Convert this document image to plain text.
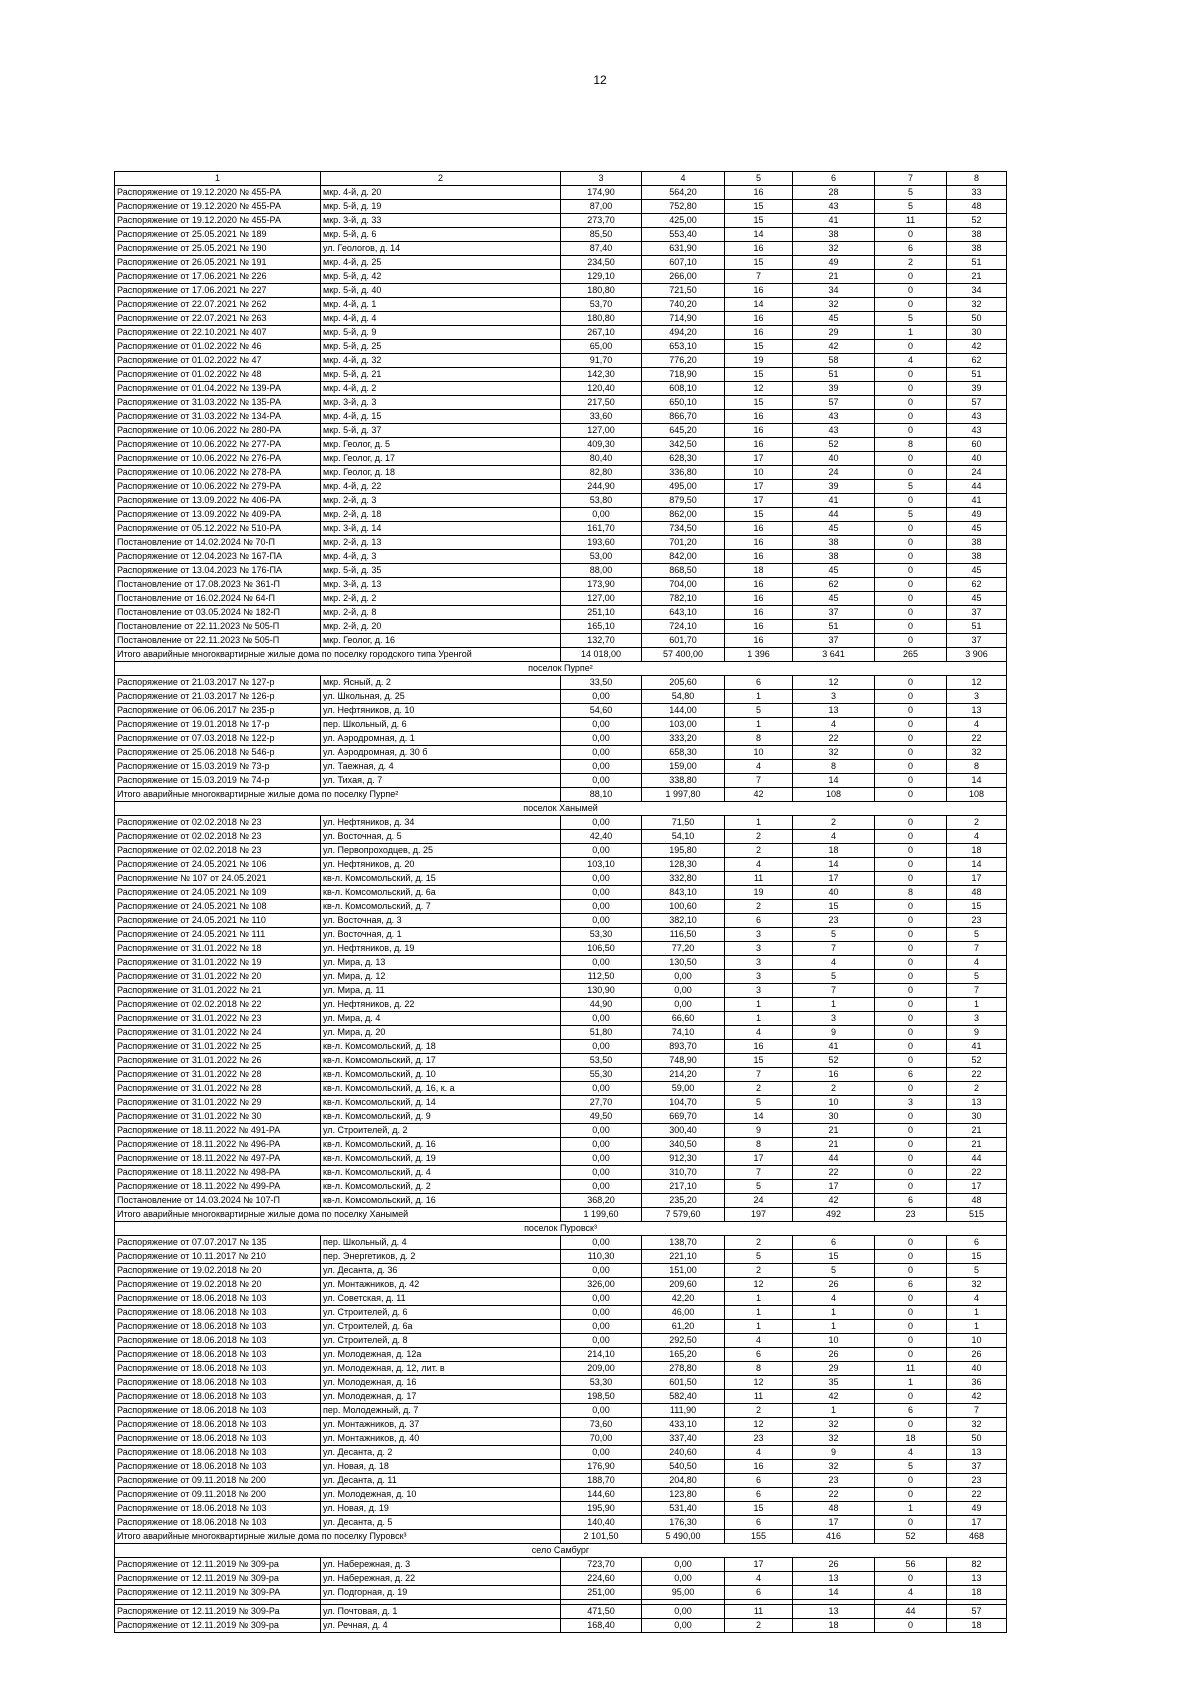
12
1	2	3	4	5	6	7	8
Распоряжение от 19.12.2020 № 455-РА	мкр. 4-й, д. 20	174,90	564,20	16	28	5	33
Распоряжение от 19.12.2020 № 455-РА	мкр. 5-й, д. 19	87,00	752,80	15	43	5	48
Распоряжение от 19.12.2020 № 455-РА	мкр. 3-й, д. 33	273,70	425,00	15	41	11	52
Распоряжение от 25.05.2021 № 189	мкр. 5-й, д. 6	85,50	553,40	14	38	0	38
Распоряжение от 25.05.2021 № 190	ул. Геологов, д. 14	87,40	631,90	16	32	6	38
Распоряжение от 26.05.2021 № 191	мкр. 4-й, д. 25	234,50	607,10	15	49	2	51
Распоряжение от 17.06.2021 № 226	мкр. 5-й, д. 42	129,10	266,00	7	21	0	21
Распоряжение от 17.06.2021 № 227	мкр. 5-й, д. 40	180,80	721,50	16	34	0	34
Распоряжение от 22.07.2021 № 262	мкр. 4-й, д. 1	53,70	740,20	14	32	0	32
Распоряжение от 22.07.2021 № 263	мкр. 4-й, д. 4	180,80	714,90	16	45	5	50
Распоряжение от 22.10.2021 № 407	мкр. 5-й, д. 9	267,10	494,20	16	29	1	30
Распоряжение от 01.02.2022 № 46	мкр. 5-й, д. 25	65,00	653,10	15	42	0	42
Распоряжение от 01.02.2022 № 47	мкр. 4-й, д. 32	91,70	776,20	19	58	4	62
Распоряжение от 01.02.2022 № 48	мкр. 5-й, д. 21	142,30	718,90	15	51	0	51
Распоряжение от 01.04.2022 № 139-РА	мкр. 4-й, д. 2	120,40	608,10	12	39	0	39
Распоряжение от 31.03.2022 № 135-РА	мкр. 3-й, д. 3	217,50	650,10	15	57	0	57
Распоряжение от 31.03.2022 № 134-РА	мкр. 4-й, д. 15	33,60	866,70	16	43	0	43
Распоряжение от 10.06.2022 № 280-РА	мкр. 5-й, д. 37	127,00	645,20	16	43	0	43
Распоряжение от 10.06.2022 № 277-РА	мкр. Геолог, д. 5	409,30	342,50	16	52	8	60
Распоряжение от 10.06.2022 № 276-РА	мкр. Геолог, д. 17	80,40	628,30	17	40	0	40
Распоряжение от 10.06.2022 № 278-РА	мкр. Геолог, д. 18	82,80	336,80	10	24	0	24
Распоряжение от 10.06.2022 № 279-РА	мкр. 4-й, д. 22	244,90	495,00	17	39	5	44
Распоряжение от 13.09.2022 № 406-РА	мкр. 2-й, д. 3	53,80	879,50	17	41	0	41
Распоряжение от 13.09.2022 № 409-РА	мкр. 2-й, д. 18	0,00	862,00	15	44	5	49
Распоряжение от 05.12.2022 № 510-РА	мкр. 3-й, д. 14	161,70	734,50	16	45	0	45
Постановление от 14.02.2024 № 70-П	мкр. 2-й, д. 13	193,60	701,20	16	38	0	38
Распоряжение от 12.04.2023 № 167-ПА	мкр. 4-й, д. 3	53,00	842,00	16	38	0	38
Распоряжение от 13.04.2023 № 176-ПА	мкр. 5-й, д. 35	88,00	868,50	18	45	0	45
Постановление от 17.08.2023 № 361-П	мкр. 3-й, д. 13	173,90	704,00	16	62	0	62
Постановление от 16.02.2024 № 64-П	мкр. 2-й, д. 2	127,00	782,10	16	45	0	45
Постановление от 03.05.2024 № 182-П	мкр. 2-й, д. 8	251,10	643,10	16	37	0	37
Постановление от 22.11.2023 № 505-П	мкр. 2-й, д. 20	165,10	724,10	16	51	0	51
Постановление от 22.11.2023 № 505-П	мкр. Геолог, д. 16	132,70	601,70	16	37	0	37
Итого аварийные многоквартирные жилые дома по поселку городского типа Уренгой		14 018,00	57 400,00	1 396	3 641	265	3 906
поселок Пурпе²							
Распоряжение от 21.03.2017 № 127-р	мкр. Ясный, д. 2	33,50	205,60	6	12	0	12
Распоряжение от 21.03.2017 № 126-р	ул. Школьная, д. 25	0,00	54,80	1	3	0	3
Распоряжение от 06.06.2017 № 235-р	ул. Нефтяников, д. 10	54,60	144,00	5	13	0	13
Распоряжение от 19.01.2018 № 17-р	пер. Школьный, д. 6	0,00	103,00	1	4	0	4
Распоряжение от 07.03.2018 № 122-р	ул. Аэродромная, д. 1	0,00	333,20	8	22	0	22
Распоряжение от 25.06.2018 № 546-р	ул. Аэродромная, д. 30 б	0,00	658,30	10	32	0	32
Распоряжение от 15.03.2019 № 73-р	ул. Таежная, д. 4	0,00	159,00	4	8	0	8
Распоряжение от 15.03.2019 № 74-р	ул. Тихая, д. 7	0,00	338,80	7	14	0	14
Итого аварийные многоквартирные жилые дома по поселку Пурпе²		88,10	1 997,80	42	108	0	108
поселок Ханымей							
Распоряжение от 02.02.2018 № 23	ул. Нефтяников, д. 34	0,00	71,50	1	2	0	2
Распоряжение от 02.02.2018 № 23	ул. Восточная, д. 5	42,40	54,10	2	4	0	4
Распоряжение от 02.02.2018 № 23	ул. Первопроходцев, д. 25	0,00	195,80	2	18	0	18
Распоряжение от 24.05.2021 № 106	ул. Нефтяников, д. 20	103,10	128,30	4	14	0	14
Распоряжение № 107 от 24.05.2021	кв-л. Комсомольский, д. 15	0,00	332,80	11	17	0	17
Распоряжение от 24.05.2021 № 109	кв-л. Комсомольский, д. 6а	0,00	843,10	19	40	8	48
Распоряжение от 24.05.2021 № 108	кв-л. Комсомольский, д. 7	0,00	100,60	2	15	0	15
Распоряжение от 24.05.2021 № 110	ул. Восточная, д. 3	0,00	382,10	6	23	0	23
Распоряжение от 24.05.2021 № 111	ул. Восточная, д. 1	53,30	116,50	3	5	0	5
Распоряжение от 31.01.2022 № 18	ул. Нефтяников, д. 19	106,50	77,20	3	7	0	7
Распоряжение от 31.01.2022 № 19	ул. Мира, д. 13	0,00	130,50	3	4	0	4
Распоряжение от 31.01.2022 № 20	ул. Мира, д. 12	112,50	0,00	3	5	0	5
Распоряжение от 31.01.2022 № 21	ул. Мира, д. 11	130,90	0,00	3	7	0	7
Распоряжение от 02.02.2018 № 22	ул. Нефтяников, д. 22	44,90	0,00	1	1	0	1
Распоряжение от 31.01.2022 № 23	ул. Мира, д. 4	0,00	66,60	1	3	0	3
Распоряжение от 31.01.2022 № 24	ул. Мира, д. 20	51,80	74,10	4	9	0	9
Распоряжение от 31.01.2022 № 25	кв-л. Комсомольский, д. 18	0,00	893,70	16	41	0	41
Распоряжение от 31.01.2022 № 26	кв-л. Комсомольский, д. 17	53,50	748,90	15	52	0	52
Распоряжение от 31.01.2022 № 28	кв-л. Комсомольский, д. 10	55,30	214,20	7	16	6	22
Распоряжение от 31.01.2022 № 28	кв-л. Комсомольский, д. 16, к. а	0,00	59,00	2	2	0	2
Распоряжение от 31.01.2022 № 29	кв-л. Комсомольский, д. 14	27,70	104,70	5	10	3	13
Распоряжение от 31.01.2022 № 30	кв-л. Комсомольский, д. 9	49,50	669,70	14	30	0	30
Распоряжение от 18.11.2022 № 491-РА	ул. Строителей, д. 2	0,00	300,40	9	21	0	21
Распоряжение от 18.11.2022 № 496-РА	кв-л. Комсомольский, д. 16	0,00	340,50	8	21	0	21
Распоряжение от 18.11.2022 № 497-РА	кв-л. Комсомольский, д. 19	0,00	912,30	17	44	0	44
Распоряжение от 18.11.2022 № 498-РА	кв-л. Комсомольский, д. 4	0,00	310,70	7	22	0	22
Распоряжение от 18.11.2022 № 499-РА	кв-л. Комсомольский, д. 2	0,00	217,10	5	17	0	17
Постановление от 14.03.2024 № 107-П	кв-л. Комсомольский, д. 16	368,20	235,20	24	42	6	48
Итого аварийные многоквартирные жилые дома по поселку Ханымей		1 199,60	7 579,60	197	492	23	515
поселок Пуровск³							
Распоряжение от 07.07.2017 № 135	пер. Школьный, д. 4	0,00	138,70	2	6	0	6
Распоряжение от 10.11.2017 № 210	пер. Энергетиков, д. 2	110,30	221,10	5	15	0	15
Распоряжение от 19.02.2018 № 20	ул. Десанта, д. 36	0,00	151,00	2	5	0	5
Распоряжение от 19.02.2018 № 20	ул. Монтажников, д. 42	326,00	209,60	12	26	6	32
Распоряжение от 18.06.2018 № 103	ул. Советская, д. 11	0,00	42,20	1	4	0	4
Распоряжение от 18.06.2018 № 103	ул. Строителей, д. 6	0,00	46,00	1	1	0	1
Распоряжение от 18.06.2018 № 103	ул. Строителей, д. 6а	0,00	61,20	1	1	0	1
Распоряжение от 18.06.2018 № 103	ул. Строителей, д. 8	0,00	292,50	4	10	0	10
Распоряжение от 18.06.2018 № 103	ул. Молодежная, д. 12а	214,10	165,20	6	26	0	26
Распоряжение от 18.06.2018 № 103	ул. Молодежная, д. 12, лит. в	209,00	278,80	8	29	11	40
Распоряжение от 18.06.2018 № 103	ул. Молодежная, д. 16	53,30	601,50	12	35	1	36
Распоряжение от 18.06.2018 № 103	ул. Молодежная, д. 17	198,50	582,40	11	42	0	42
Распоряжение от 18.06.2018 № 103	пер. Молодежный, д. 7	0,00	111,90	2	1	6	7
Распоряжение от 18.06.2018 № 103	ул. Монтажников, д. 37	73,60	433,10	12	32	0	32
Распоряжение от 18.06.2018 № 103	ул. Монтажников, д. 40	70,00	337,40	23	32	18	50
Распоряжение от 18.06.2018 № 103	ул. Десанта, д. 2	0,00	240,60	4	9	4	13
Распоряжение от 18.06.2018 № 103	ул. Новая, д. 18	176,90	540,50	16	32	5	37
Распоряжение от 09.11.2018 № 200	ул. Десанта, д. 11	188,70	204,80	6	23	0	23
Распоряжение от 09.11.2018 № 200	ул. Молодежная, д. 10	144,60	123,80	6	22	0	22
Распоряжение от 18.06.2018 № 103	ул. Новая, д. 19	195,90	531,40	15	48	1	49
Распоряжение от 18.06.2018 № 103	ул. Десанта, д. 5	140,40	176,30	6	17	0	17
Итого аварийные многоквартирные жилые дома по поселку Пуровск³		2 101,50	5 490,00	155	416	52	468
село Самбург							
Распоряжение от 12.11.2019 № 309-ра	ул. Набережная, д. 3	723,70	0,00	17	26	56	82
Распоряжение от 12.11.2019 № 309-ра	ул. Набережная, д. 22	224,60	0,00	4	13	0	13
Распоряжение от 12.11.2019 № 309-РА	ул. Подгорная, д. 19	251,00	95,00	6	14	4	18

Распоряжение от 12.11.2019 № 309-Ра	ул. Почтовая, д. 1	471,50	0,00	11	13	44	57
Распоряжение от 12.11.2019 № 309-ра	ул. Речная, д. 4	168,40	0,00	2	18	0	18
